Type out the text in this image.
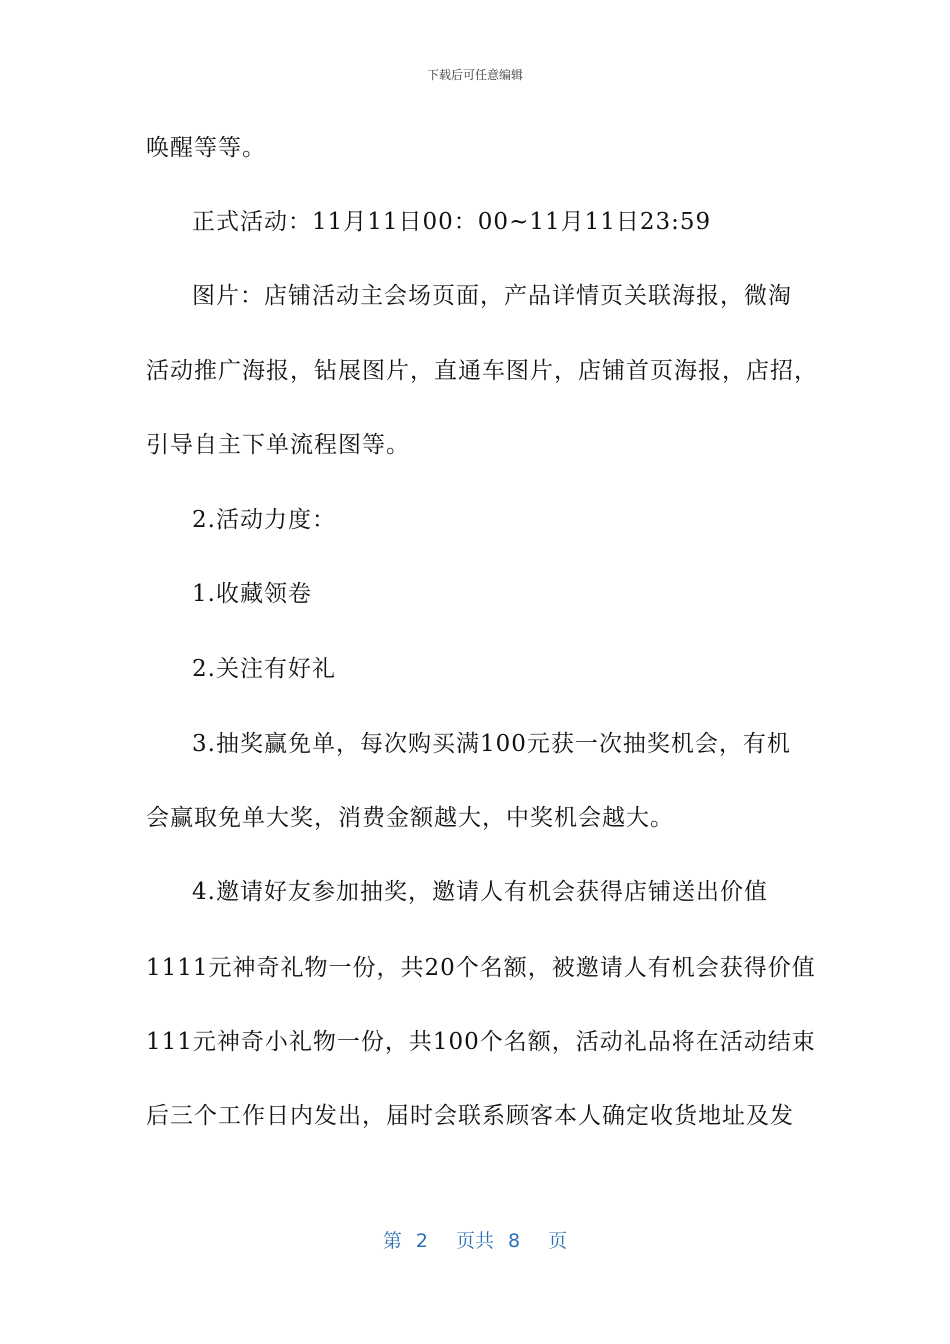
下载后可任意编辑
唤醒等等。
正式活动：11月11日00：00~11月11日23:59
图片：店铺活动主会场页面，产品详情页关联海报，微淘
活动推广海报，钻展图片，直通车图片，店铺首页海报，店招，
引导自主下单流程图等。
2.活动力度：
1.收藏领卷
2.关注有好礼
3.抽奖赢免单，每次购买满100元获一次抽奖机会，有机
会赢取免单大奖，消费金额越大，中奖机会越大。
4.邀请好友参加抽奖，邀请人有机会获得店铺送出价值
1111元神奇礼物一份，共20个名额，被邀请人有机会获得价值
111元神奇小礼物一份，共100个名额，活动礼品将在活动结束
后三个工作日内发出，届时会联系顾客本人确定收货地址及发
第 2 页共 8 页
